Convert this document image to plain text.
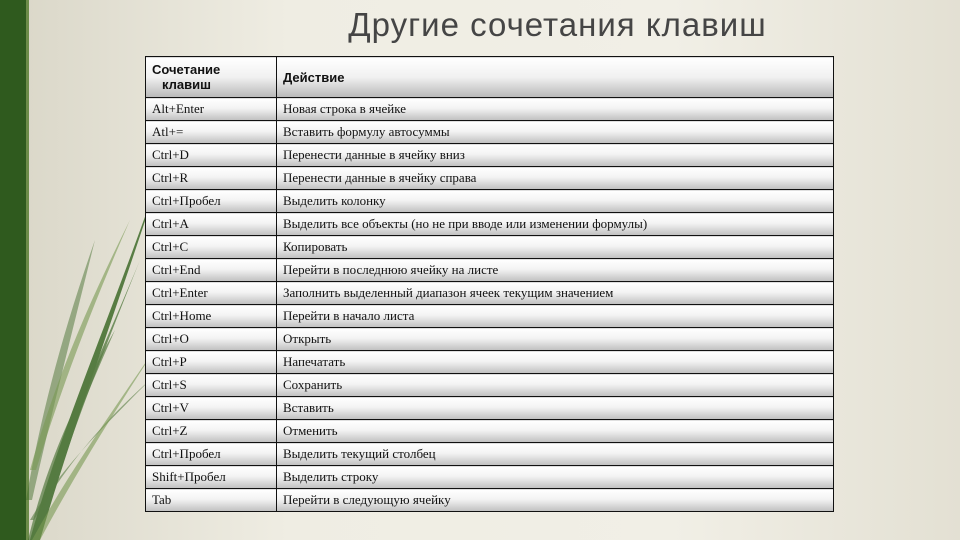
Другие сочетания клавиш
Сочетание
клавиш	Действие
Alt+Enter	Новая строка в ячейке
Atl+=	Вставить формулу автосуммы
Ctrl+D	Перенести данные в ячейку вниз
Ctrl+R	Перенести данные в ячейку справа
Ctrl+Пробел	Выделить колонку
Ctrl+A	Выделить все объекты (но не при вводе или изменении формулы)
Ctrl+C	Копировать
Ctrl+End	Перейти в последнюю ячейку на листе
Ctrl+Enter	Заполнить выделенный диапазон ячеек текущим значением
Ctrl+Home	Перейти в начало листа
Ctrl+O	Открыть
Ctrl+P	Напечатать
Ctrl+S	Сохранить
Ctrl+V	Вставить
Ctrl+Z	Отменить
Ctrl+Пробел	Выделить текущий столбец
Shift+Пробел	Выделить строку
Tab	Перейти в следующую ячейку
